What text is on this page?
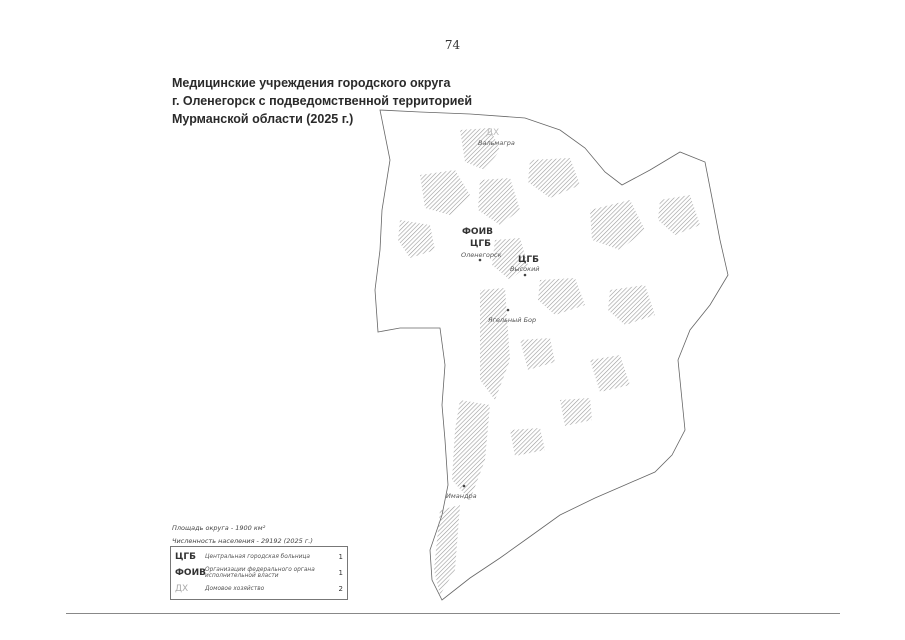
74
Медицинские учреждения городского округа
г. Оленегорск с подведомственной территорией
Мурманской области (2025 г.)
ДХ
Вальмагра
ФОИВ
ЦГБ
Оленегорск ЦГБ
Высокий
Ягельный Бор
Имандра
Площадь округа - 1900 км²
Численность населения - 29192 (2025 г.)
ЦГБ	Центральная городская больница	1
ФОИВ Организации федерального органа исполнительной власти	1
ДХ	Домовое хозяйство	2
